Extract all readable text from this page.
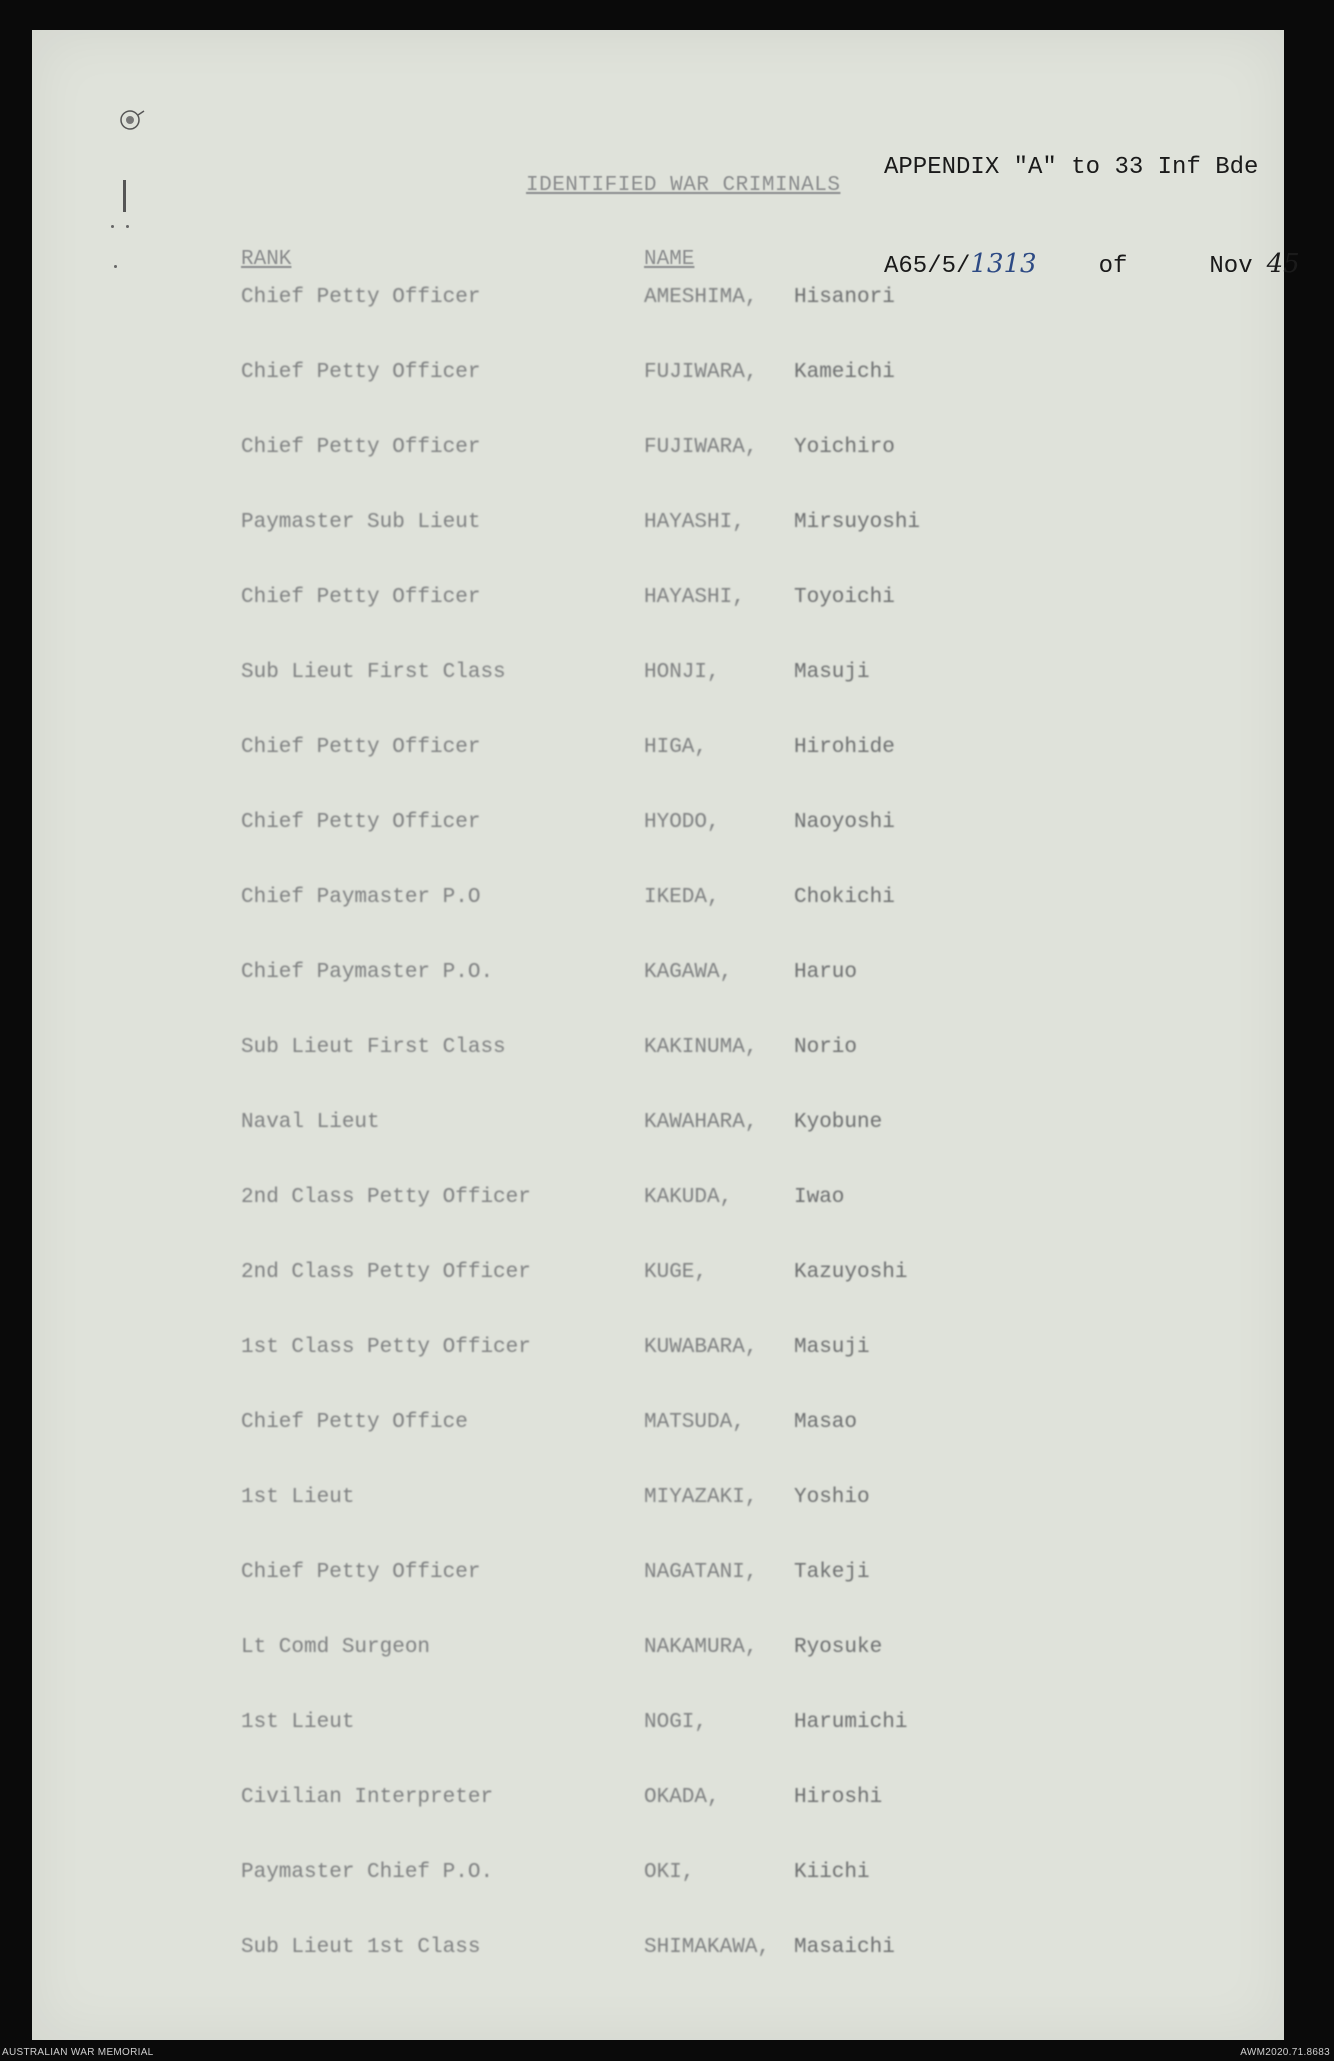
APPENDIX "A" to 33 Inf Bde

A65/5/1313	of	Nov 45

IDENTIFIED WAR CRIMINALS
RANK	NAME
Chief Petty Officer	AMESHIMA, Hisanori
Chief Petty Officer	FUJIWARA, Kameichi
Chief Petty Officer	FUJIWARA, Yoichiro
Paymaster Sub Lieut	HAYASHI, Mirsuyoshi
Chief Petty Officer	HAYASHI, Toyoichi
Sub Lieut First Class	HONJI,	Masuji
Chief Petty Officer	HIGA,	Hirohide
Chief Petty Officer	HYODO,	Naoyoshi
Chief Paymaster P.O	IKEDA,	Chokichi
Chief Paymaster P.O.	KAGAWA,	Haruo
Sub Lieut First Class	KAKINUMA, Norio
Naval Lieut	KAWAHARA, Kyobune
2nd Class Petty Officer	KAKUDA,	Iwao
2nd Class Petty Officer	KUGE,	Kazuyoshi
1st Class Petty Officer	KUWABARA, Masuji
Chief Petty Office	MATSUDA, Masao
1st Lieut	MIYAZAKI, Yoshio
Chief Petty Officer	NAGATANI, Takeji
Lt Comd Surgeon	NAKAMURA, Ryosuke
1st Lieut	NOGI,	Harumichi
Civilian Interpreter	OKADA,	Hiroshi
Paymaster Chief P.O.	OKI,	Kiichi
Sub Lieut 1st Class	SHIMAKAWA, Masaichi
AUSTRALIAN WAR MEMORIAL	AWM2020.71.8683
